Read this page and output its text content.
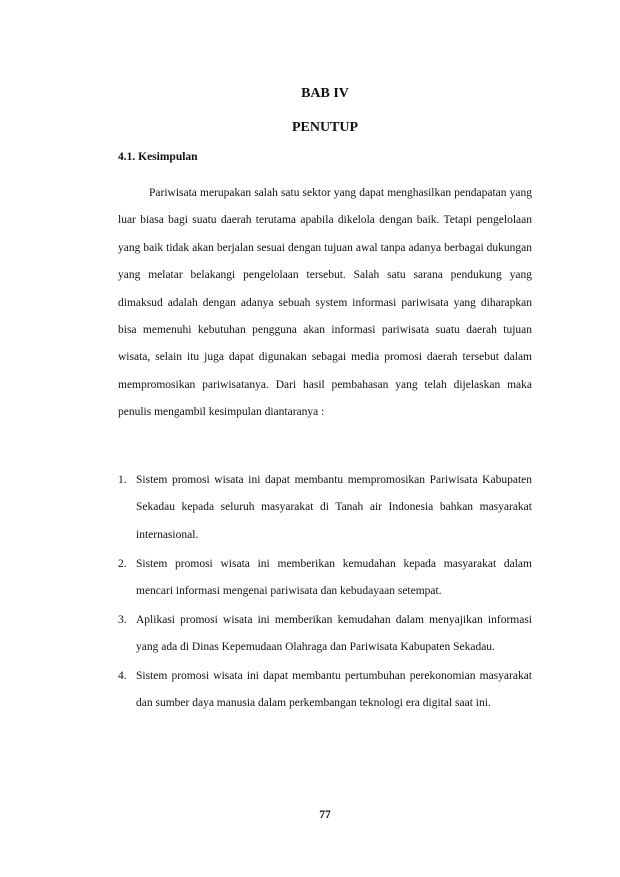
BAB IV
PENUTUP
4.1. Kesimpulan

Pariwisata merupakan salah satu sektor yang dapat menghasilkan pendapatan yang luar biasa bagi suatu daerah terutama apabila dikelola dengan baik. Tetapi pengelolaan yang baik tidak akan berjalan sesuai dengan tujuan awal tanpa adanya berbagai dukungan yang melatar belakangi pengelolaan tersebut. Salah satu sarana pendukung yang dimaksud adalah dengan adanya sebuah system informasi pariwisata yang diharapkan bisa memenuhi kebutuhan pengguna akan informasi pariwisata suatu daerah tujuan wisata, selain itu juga dapat digunakan sebagai media promosi daerah tersebut dalam mempromosikan pariwisatanya. Dari hasil pembahasan yang telah dijelaskan maka penulis mengambil kesimpulan diantaranya :

1. Sistem promosi wisata ini dapat membantu mempromosikan Pariwisata Kabupaten Sekadau kepada seluruh masyarakat di Tanah air Indonesia bahkan masyarakat internasional.
2. Sistem promosi wisata ini memberikan kemudahan kepada masyarakat dalam mencari informasi mengenai pariwisata dan kebudayaan setempat.
3. Aplikasi promosi wisata ini memberikan kemudahan dalam menyajikan informasi yang ada di Dinas Kepemudaan Olahraga dan Pariwisata Kabupaten Sekadau.
4. Sistem promosi wisata ini dapat membantu pertumbuhan perekonomian masyarakat dan sumber daya manusia dalam perkembangan teknologi era digital saat ini.
77
